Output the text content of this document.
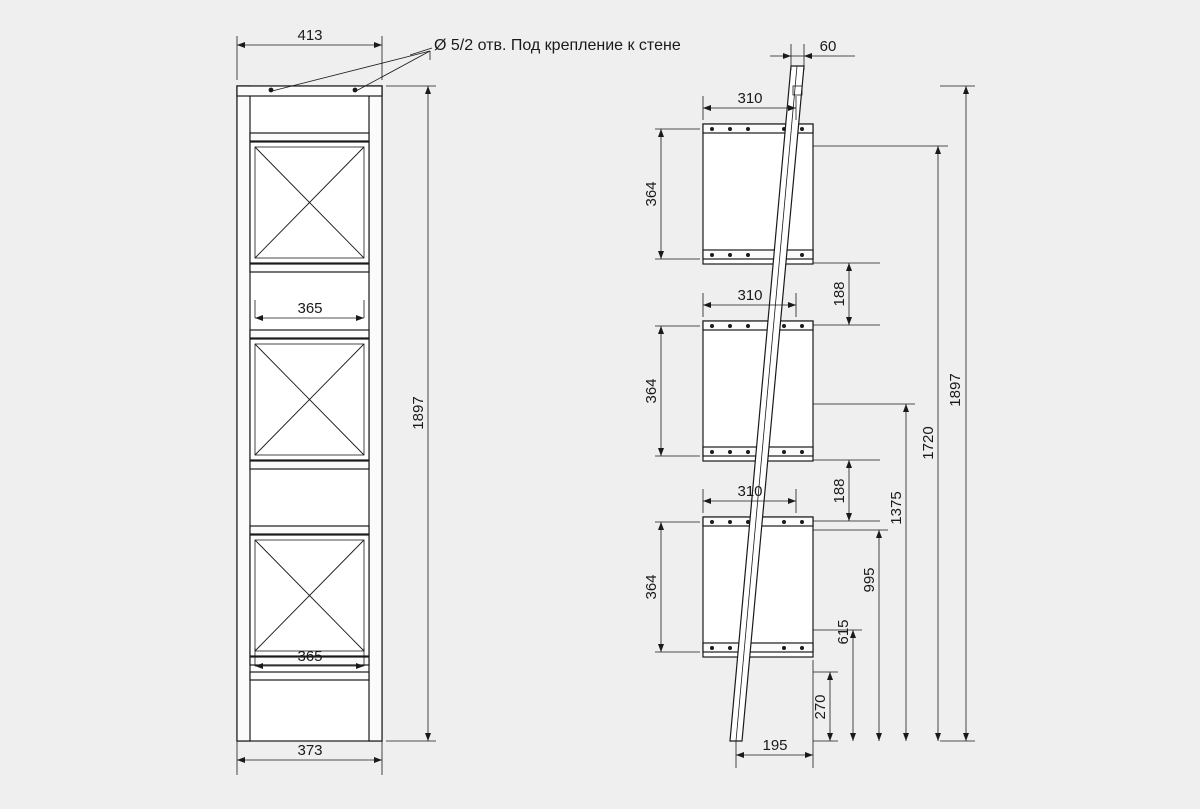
413
373
1897
365
365
60
310
310
310
364
364
364
188
188
195
270
615
995
1375
1720
1897
Ø 5/2 отв. Под крепление к стене
